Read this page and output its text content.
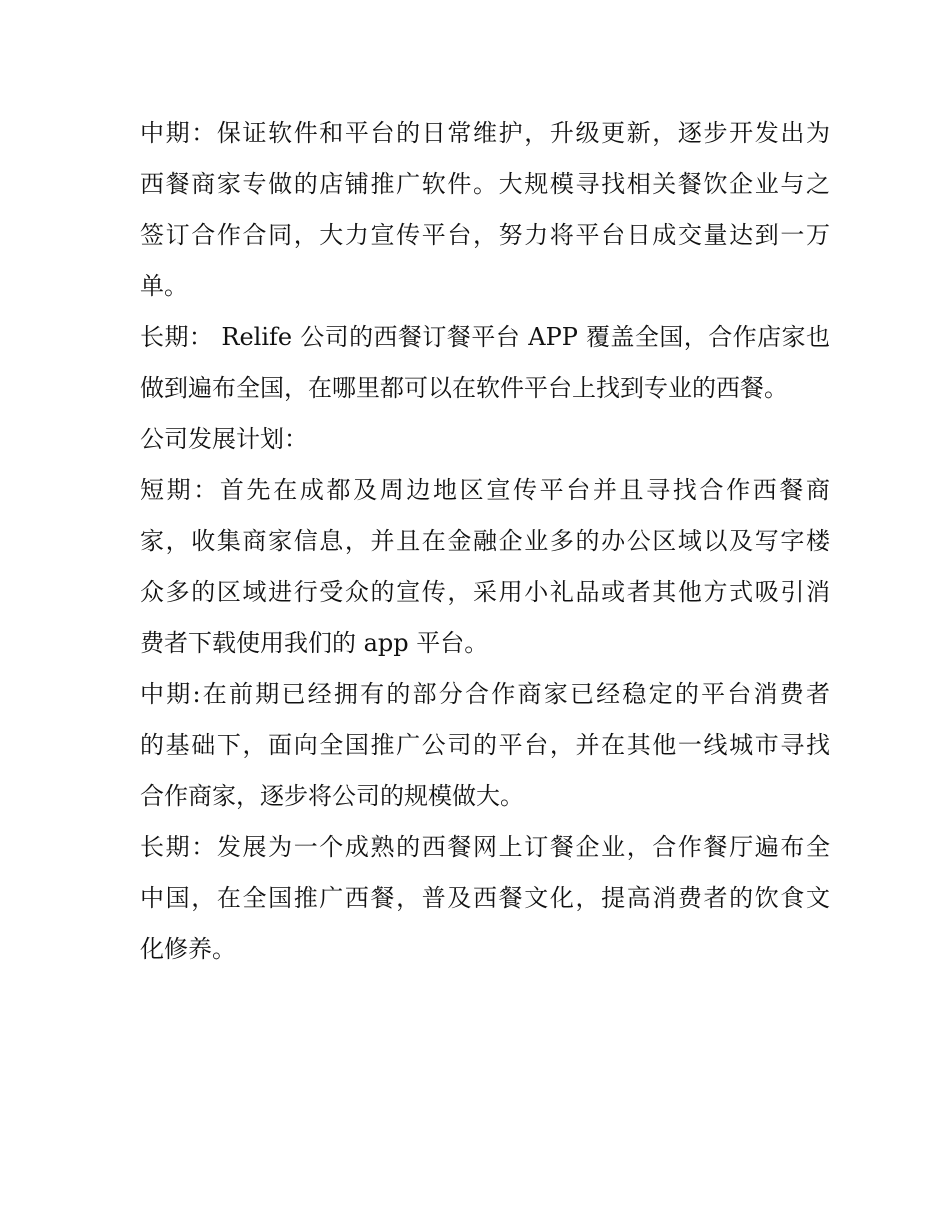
中期：保证软件和平台的日常维护，升级更新，逐步开发出为
西餐商家专做的店铺推广软件。大规模寻找相关餐饮企业与之
签订合作合同，大力宣传平台，努力将平台日成交量达到一万
单。
长期： Relife 公司的西餐订餐平台 APP 覆盖全国，合作店家也
做到遍布全国，在哪里都可以在软件平台上找到专业的西餐。
公司发展计划：
短期：首先在成都及周边地区宣传平台并且寻找合作西餐商
家，收集商家信息，并且在金融企业多的办公区域以及写字楼
众多的区域进行受众的宣传，采用小礼品或者其他方式吸引消
费者下载使用我们的 app 平台。
中期:在前期已经拥有的部分合作商家已经稳定的平台消费者
的基础下，面向全国推广公司的平台，并在其他一线城市寻找
合作商家，逐步将公司的规模做大。
长期：发展为一个成熟的西餐网上订餐企业，合作餐厅遍布全
中国，在全国推广西餐，普及西餐文化，提高消费者的饮食文
化修养。
